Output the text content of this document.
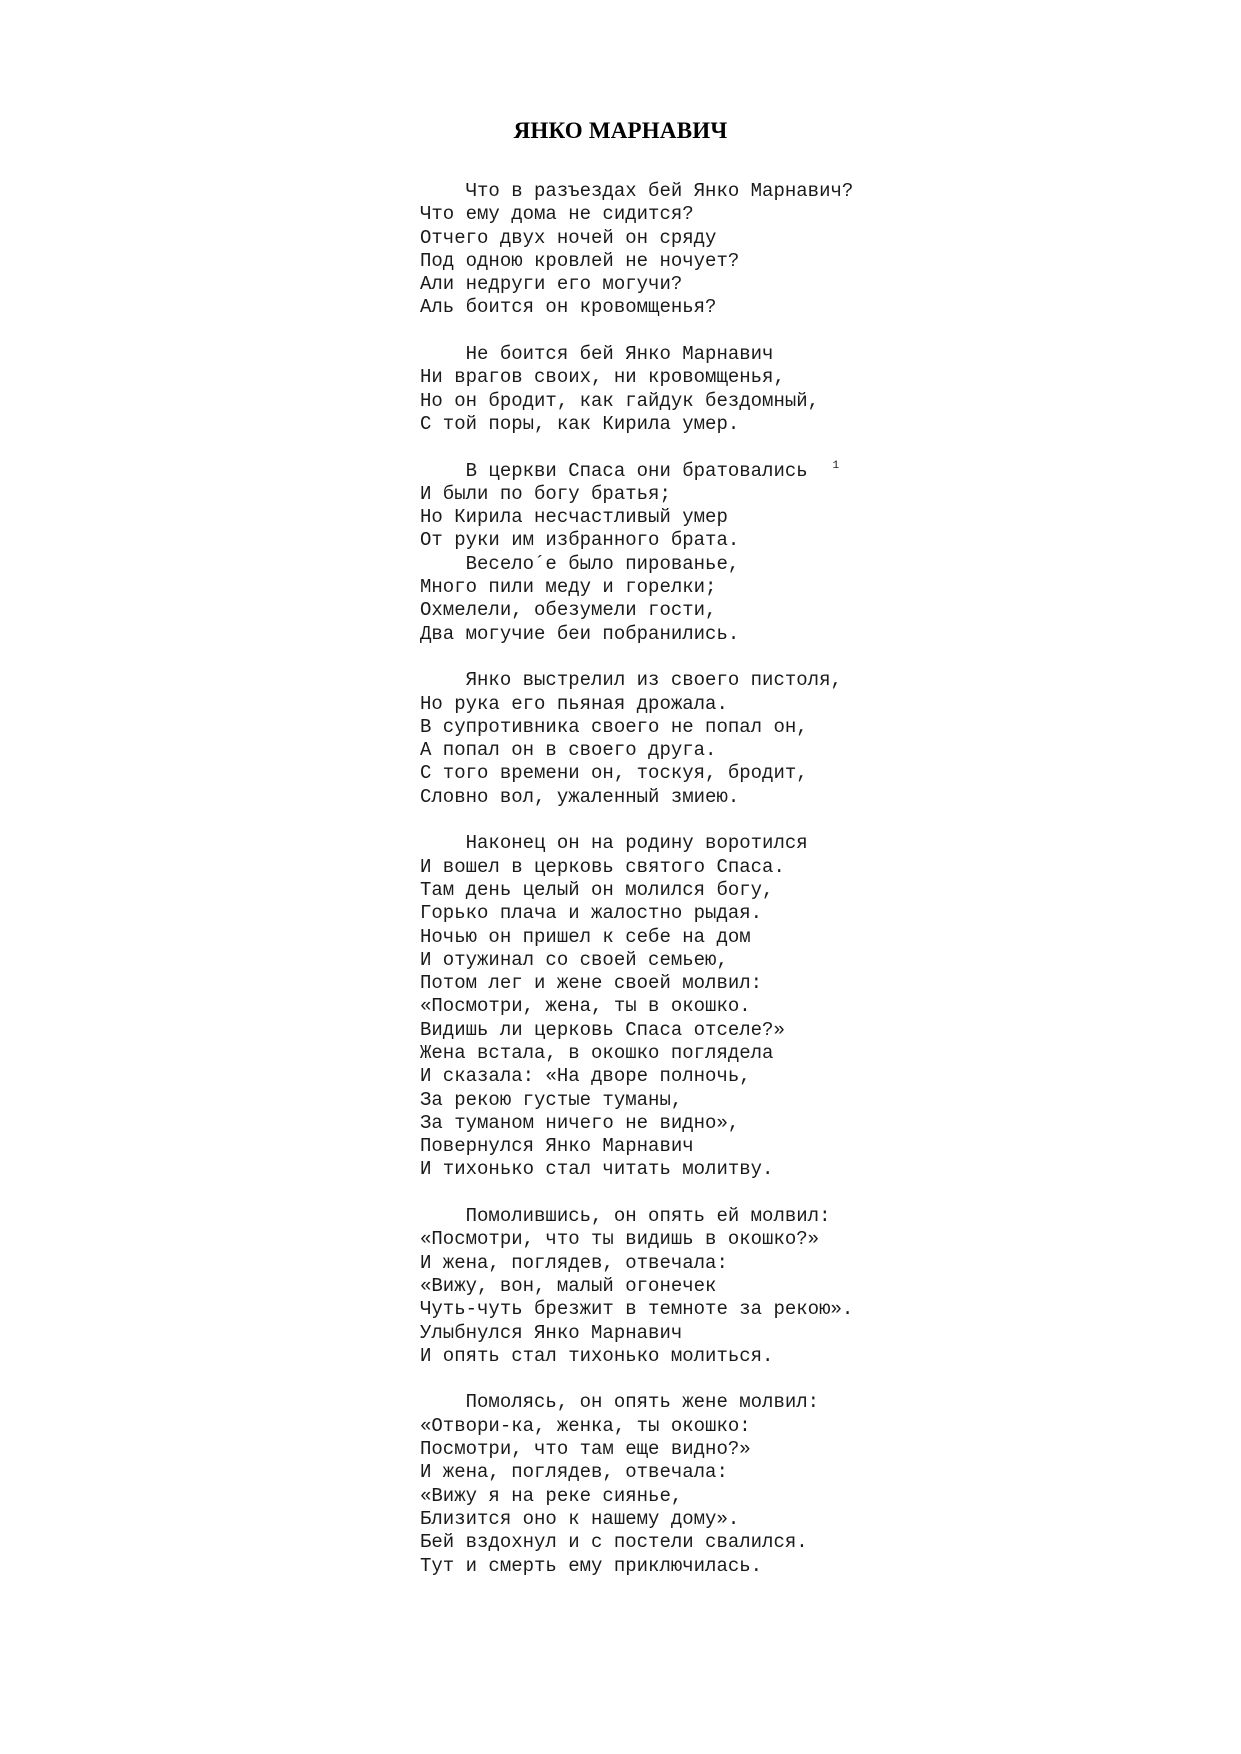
ЯНКО МАРНАВИЧ
Что в разъездах бей Янко Марнавич?
Что ему дома не сидится?
Отчего двух ночей он сряду
Под одною кровлей не ночует?
Али недруги его могучи?
Аль боится он кровомщенья?
Не боится бей Янко Марнавич
Ни врагов своих, ни кровомщенья,
Но он бродит, как гайдук бездомный,
С той поры, как Кирила умер.
В церкви Спаса они братовались $^1$
И были по богу братья;
Но Кирила несчастливый умер
От руки им избранного брата.
Весело´е было пированье,
Много пили меду и горелки;
Охмелели, обезумели гости,
Два могучие беи побранились.
Янко выстрелил из своего пистоля,
Но рука его пьяная дрожала.
В супротивника своего не попал он,
А попал он в своего друга.
С того времени он, тоскуя, бродит,
Словно вол, ужаленный змиею.
Наконец он на родину воротился
И вошел в церковь святого Спаса.
Там день целый он молился богу,
Горько плача и жалостно рыдая.
Ночью он пришел к себе на дом
И отужинал со своей семьею,
Потом лег и жене своей молвил:
«Посмотри, жена, ты в окошко.
Видишь ли церковь Спаса отселе?»
Жена встала, в окошко поглядела
И сказала: «На дворе полночь,
За рекою густые туманы,
За туманом ничего не видно»,
Повернулся Янко Марнавич
И тихонько стал читать молитву.
Помолившись, он опять ей молвил:
«Посмотри, что ты видишь в окошко?»
И жена, поглядев, отвечала:
«Вижу, вон, малый огонечек
Чуть-чуть брезжит в темноте за рекою».
Улыбнулся Янко Марнавич
И опять стал тихонько молиться.
Помолясь, он опять жене молвил:
«Отвори-ка, женка, ты окошко:
Посмотри, что там еще видно?»
И жена, поглядев, отвечала:
«Вижу я на реке сиянье,
Близится оно к нашему дому».
Бей вздохнул и с постели свалился.
Тут и смерть ему приключилась.
